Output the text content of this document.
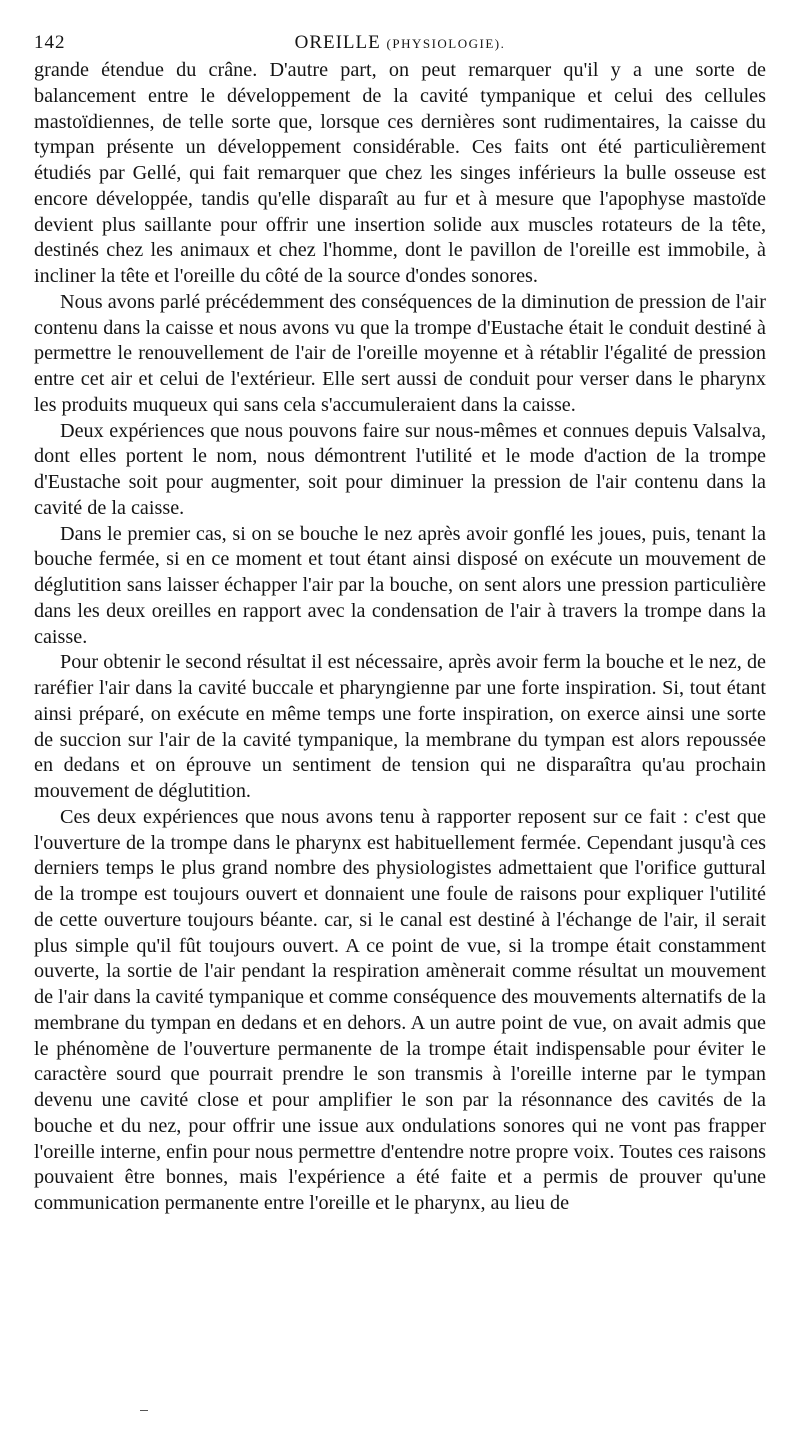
142	OREILLE (PHYSIOLOGIE).

grande étendue du crâne. D'autre part, on peut remarquer qu'il y a une sorte de balancement entre le développement de la cavité tympanique et celui des cellules mastoïdiennes, de telle sorte que, lorsque ces dernières sont rudimentaires, la caisse du tympan présente un développement considérable. Ces faits ont été particulièrement étudiés par Gellé, qui fait remarquer que chez les singes inférieurs la bulle osseuse est encore développée, tandis qu'elle disparaît au fur et à mesure que l'apophyse mastoïde devient plus saillante pour offrir une insertion solide aux muscles rotateurs de la tête, destinés chez les animaux et chez l'homme, dont le pavillon de l'oreille est immobile, à incliner la tête et l'oreille du côté de la source d'ondes sonores.

Nous avons parlé précédemment des conséquences de la diminution de pression de l'air contenu dans la caisse et nous avons vu que la trompe d'Eustache était le conduit destiné à permettre le renouvellement de l'air de l'oreille moyenne et à rétablir l'égalité de pression entre cet air et celui de l'extérieur. Elle sert aussi de conduit pour verser dans le pharynx les produits muqueux qui sans cela s'accumuleraient dans la caisse.

Deux expériences que nous pouvons faire sur nous-mêmes et connues depuis Valsalva, dont elles portent le nom, nous démontrent l'utilité et le mode d'action de la trompe d'Eustache soit pour augmenter, soit pour diminuer la pression de l'air contenu dans la cavité de la caisse.

Dans le premier cas, si on se bouche le nez après avoir gonflé les joues, puis, tenant la bouche fermée, si en ce moment et tout étant ainsi disposé on exécute un mouvement de déglutition sans laisser échapper l'air par la bouche, on sent alors une pression particulière dans les deux oreilles en rapport avec la condensation de l'air à travers la trompe dans la caisse.

Pour obtenir le second résultat il est nécessaire, après avoir ferm la bouche et le nez, de raréfier l'air dans la cavité buccale et pharyngienne par une forte inspiration. Si, tout étant ainsi préparé, on exécute en même temps une forte inspiration, on exerce ainsi une sorte de succion sur l'air de la cavité tympanique, la membrane du tympan est alors repoussée en dedans et on éprouve un sentiment de tension qui ne disparaîtra qu'au prochain mouvement de déglutition.

Ces deux expériences que nous avons tenu à rapporter reposent sur ce fait : c'est que l'ouverture de la trompe dans le pharynx est habituellement fermée. Cependant jusqu'à ces derniers temps le plus grand nombre des physiologistes admettaient que l'orifice guttural de la trompe est toujours ouvert et donnaient une foule de raisons pour expliquer l'utilité de cette ouverture toujours béante. car, si le canal est destiné à l'échange de l'air, il serait plus simple qu'il fût toujours ouvert. A ce point de vue, si la trompe était constamment ouverte, la sortie de l'air pendant la respiration amènerait comme résultat un mouvement de l'air dans la cavité tympanique et comme conséquence des mouvements alternatifs de la membrane du tympan en dedans et en dehors. A un autre point de vue, on avait admis que le phénomène de l'ouverture permanente de la trompe était indispensable pour éviter le caractère sourd que pourrait prendre le son transmis à l'oreille interne par le tympan devenu une cavité close et pour amplifier le son par la résonnance des cavités de la bouche et du nez, pour offrir une issue aux ondulations sonores qui ne vont pas frapper l'oreille interne, enfin pour nous permettre d'entendre notre propre voix. Toutes ces raisons pouvaient être bonnes, mais l'expérience a été faite et a permis de prouver qu'une communication permanente entre l'oreille et le pharynx, au lieu de
